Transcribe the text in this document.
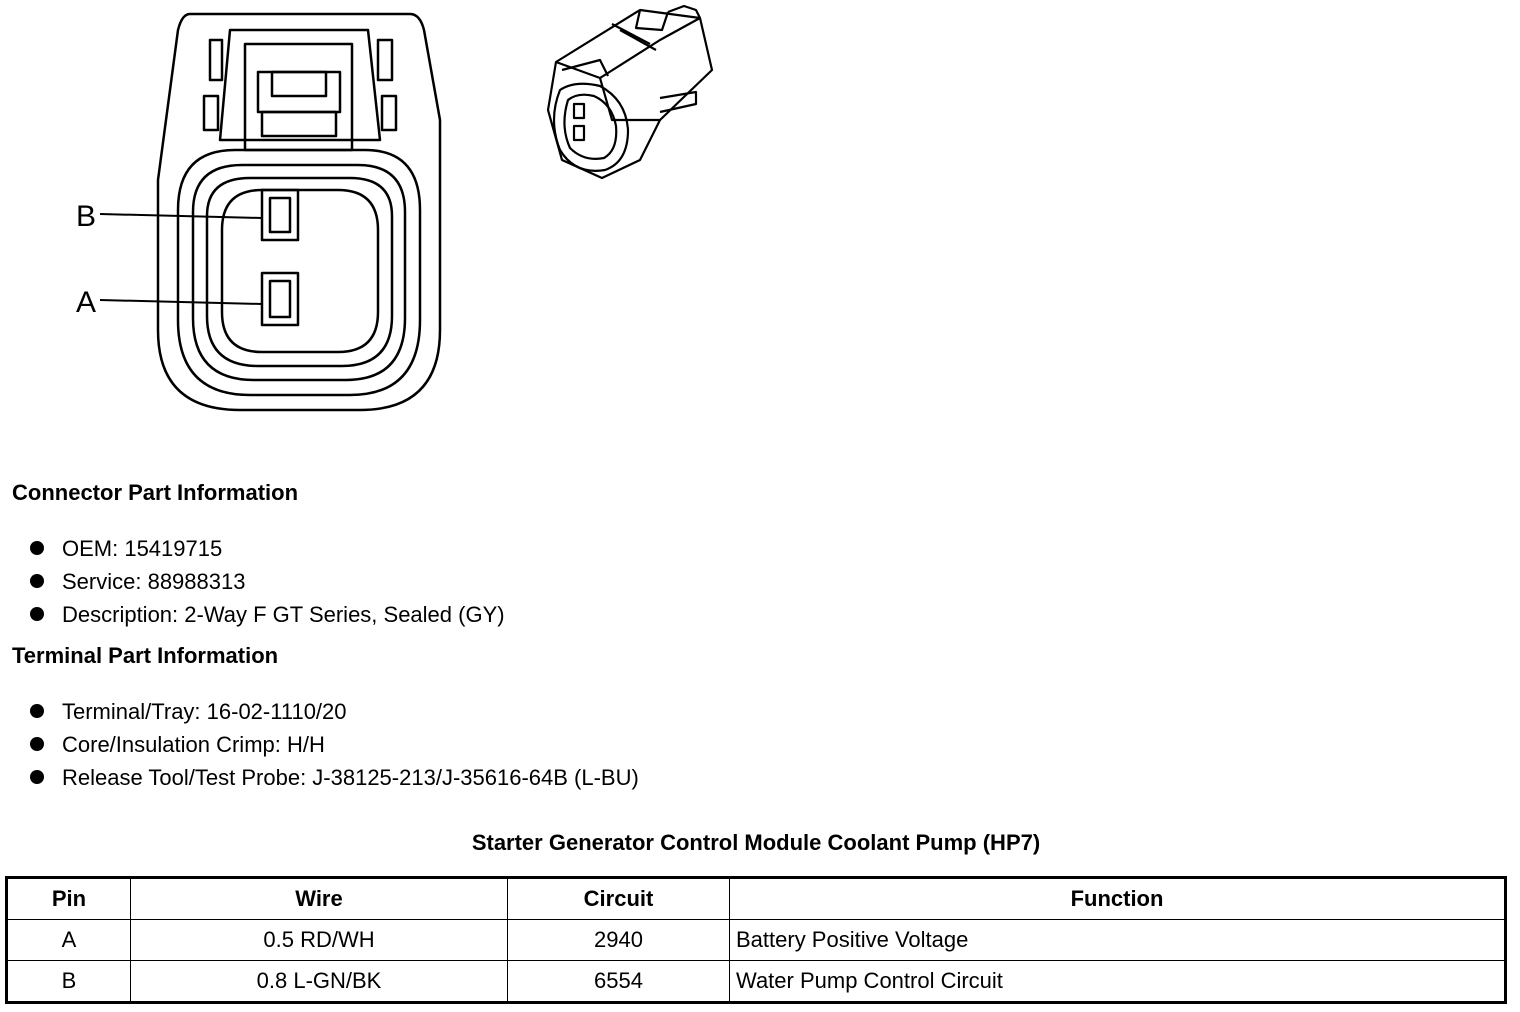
B
A
Connector Part Information
OEM: 15419715
Service: 88988313
Description: 2-Way F GT Series, Sealed (GY)
Terminal Part Information
Terminal/Tray: 16-02-1110/20
Core/Insulation Crimp: H/H
Release Tool/Test Probe: J-38125-213/J-35616-64B (L-BU)
Starter Generator Control Module Coolant Pump (HP7)
Pin	Wire	Circuit	Function
A	0.5 RD/WH	2940	Battery Positive Voltage
B	0.8 L-GN/BK	6554	Water Pump Control Circuit
